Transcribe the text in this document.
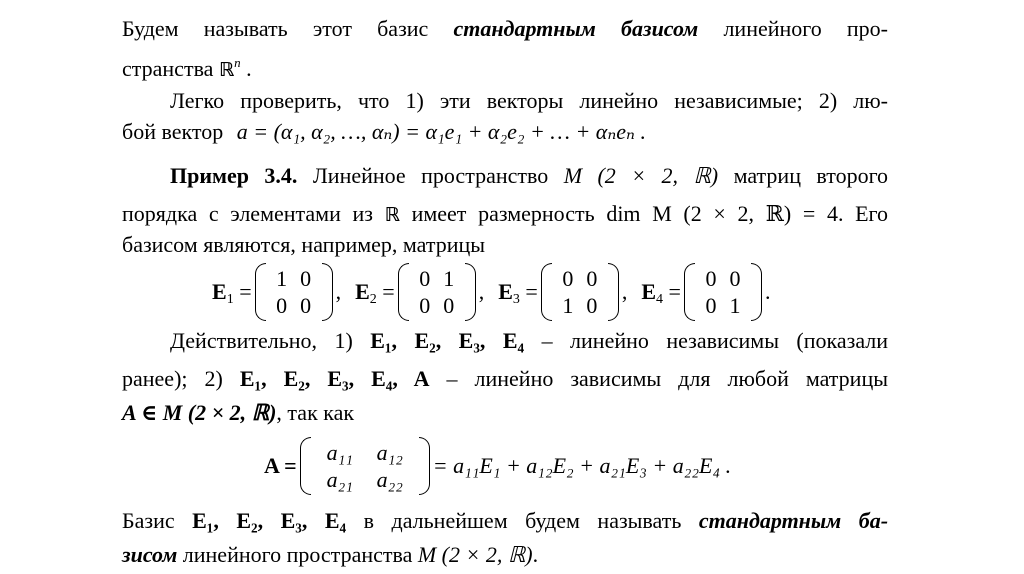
Будем называть этот базис стандартным базисом линейного про-
странства ℝ$^n$ .
Легко проверить, что 1) эти векторы линейно независимые; 2) лю-
бой вектор a = (α₁, α₂, …, αₙ) = α₁e₁ + α₂e₂ + … + αₙeₙ .
Пример 3.4. Линейное пространство M (2 × 2, ℝ) матриц второго
порядка с элементами из ℝ имеет размерность dim M (2 × 2, ℝ) = 4. Его
базисом являются, например, матрицы
$E_1$ =
1 0
0 0
, $E_2$ =
0 1
0 0
, $E_3$ =
0 0
1 0
, $E_4$ =
0 0
0 1
.
Действительно, 1) E₁, E₂, E₃, E₄ – линейно независимы (показали
ранее); 2) E₁, E₂, E₃, E₄, A – линейно зависимы для любой матрицы
A ∈ M (2 × 2, ℝ), так как
A =
a₁₁	a₁₂
a₂₁	a₂₂
= a₁₁E₁ + a₁₂E₂ + a₂₁E₃ + a₂₂E₄ .
Базис E₁, E₂, E₃, E₄ в дальнейшем будем называть стандартным ба-
зисом линейного пространства M (2 × 2, ℝ).
